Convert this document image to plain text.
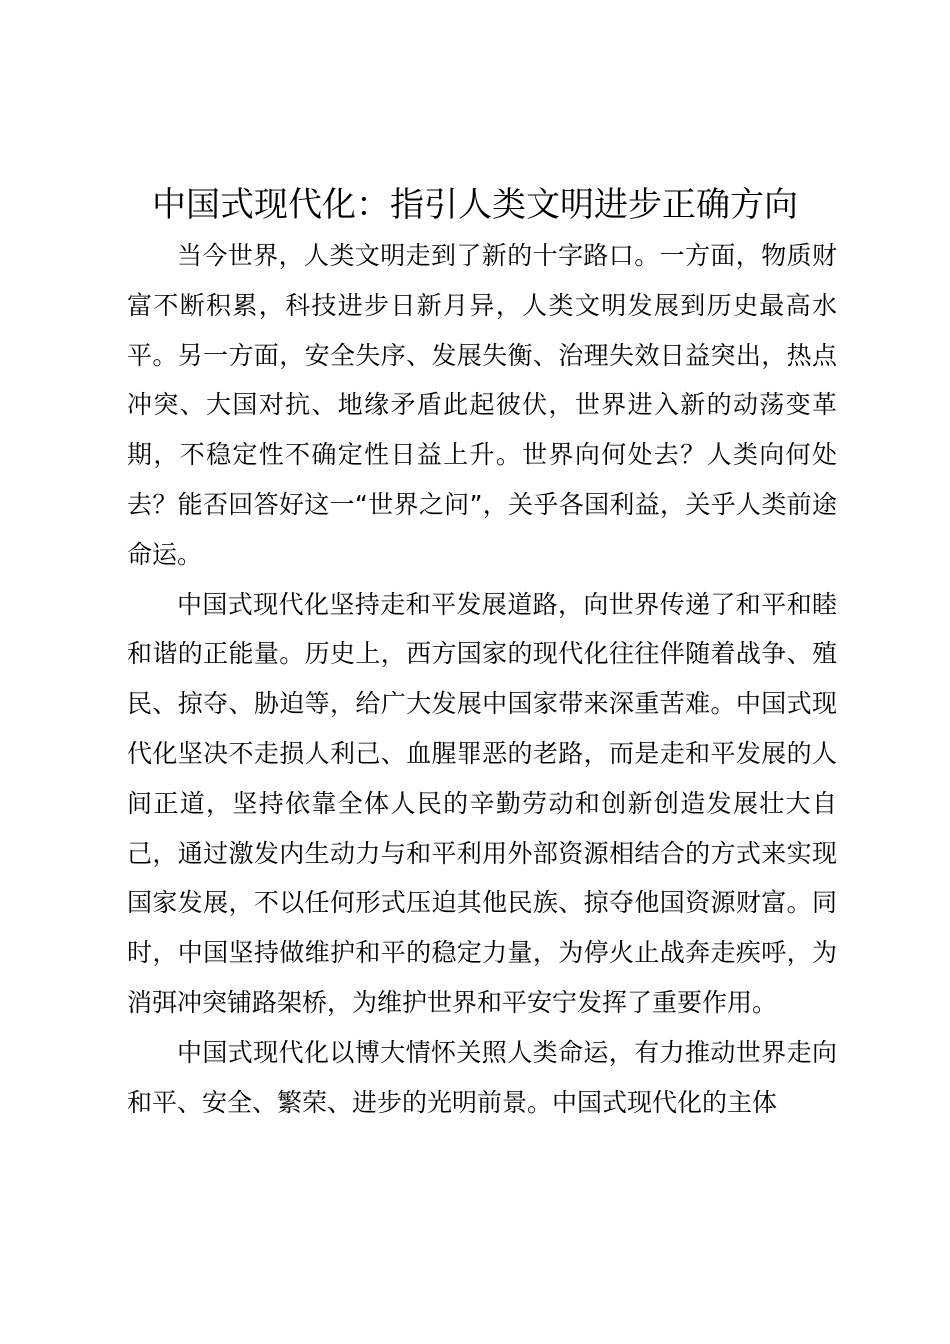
中国式现代化：指引人类文明进步正确方向

当今世界，人类文明走到了新的十字路口。一方面，物质财富不断积累，科技进步日新月异，人类文明发展到历史最高水平。另一方面，安全失序、发展失衡、治理失效日益突出，热点冲突、大国对抗、地缘矛盾此起彼伏，世界进入新的动荡变革期，不稳定性不确定性日益上升。世界向何处去？人类向何处去？能否回答好这一“世界之问”，关乎各国利益，关乎人类前途命运。

中国式现代化坚持走和平发展道路，向世界传递了和平和睦和谐的正能量。历史上，西方国家的现代化往往伴随着战争、殖民、掠夺、胁迫等，给广大发展中国家带来深重苦难。中国式现代化坚决不走损人利己、血腥罪恶的老路，而是走和平发展的人间正道，坚持依靠全体人民的辛勤劳动和创新创造发展壮大自己，通过激发内生动力与和平利用外部资源相结合的方式来实现国家发展，不以任何形式压迫其他民族、掠夺他国资源财富。同时，中国坚持做维护和平的稳定力量，为停火止战奔走疾呼，为消弭冲突铺路架桥，为维护世界和平安宁发挥了重要作用。

中国式现代化以博大情怀关照人类命运，有力推动世界走向和平、安全、繁荣、进步的光明前景。中国式现代化的主体
